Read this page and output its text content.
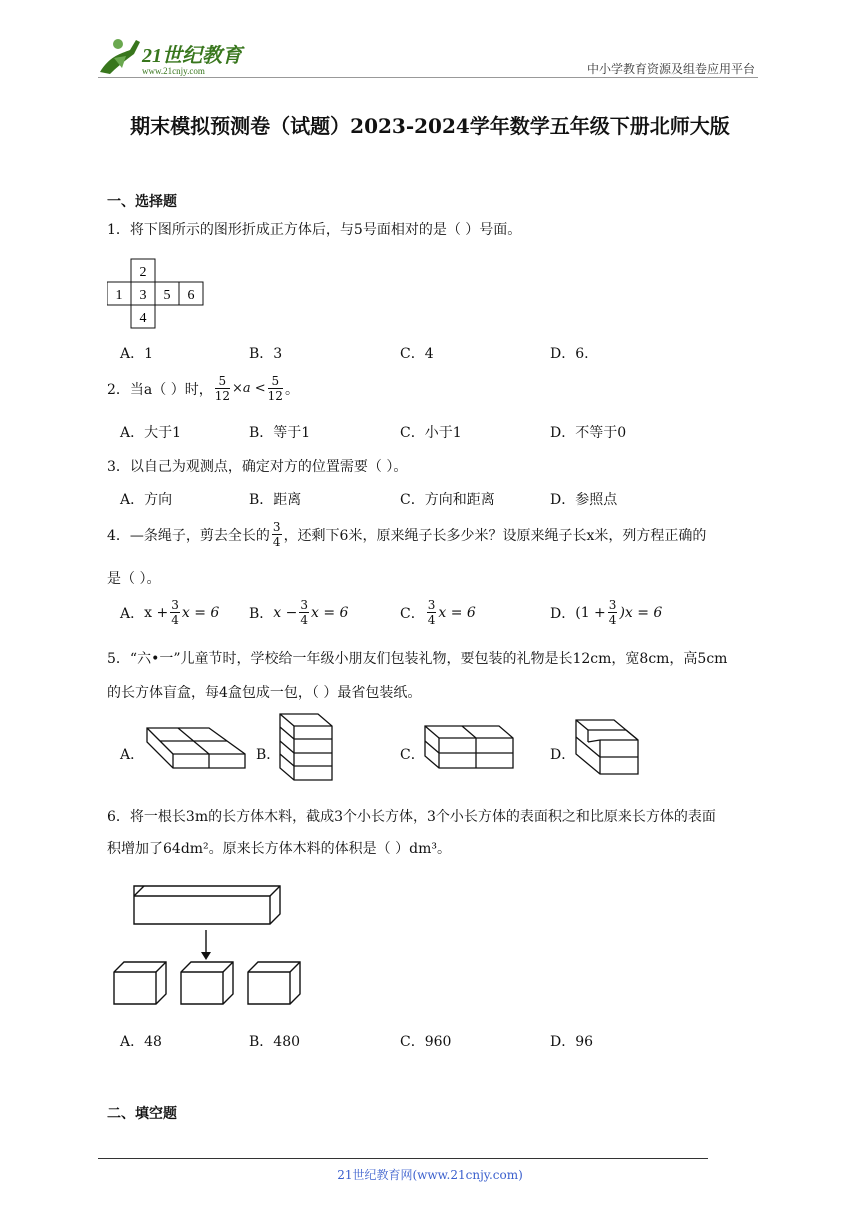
21世纪教育
www.21cnjy.com	中小学教育资源及组卷应用平台
期末模拟预测卷（试题）2023-2024学年数学五年级下册北师大版
一、选择题
1．将下图所示的图形折成正方体后，与5号面相对的是（ ）号面。
1
2
3
4
5 6
A．1	B．3	C．4	D．6.
2．当a（ ）时， $\frac{5}{12} \times a < \frac{5}{12}$ 。
A．大于1	B．等于1	C．小于1	D．不等于0
3．以自己为观测点，确定对方的位置需要（ ）。
A．方向	B．距离	C．方向和距离	D．参照点
4．—条绳子，剪去全长的 $\frac{3}{4}$ ，还剩下6米，原来绳子长多少米？设原来绳子长x米，列方程正确的
是（ ）。
A． $x + \frac{3}{4}$ x = 6 B． $x - \frac{3}{4}$ x = 6	C． $\frac{3}{4}$ x = 6	D． $(1 + \frac{3}{4} )x = 6$
5．“六•一”儿童节时，学校给一年级小朋友们包装礼物，要包装的礼物是长12cm，宽8cm，高5cm
的长方体盲盒，每4盒包成一包，（ ）最省包装纸。
A．	B．	C．	D．
6．将一根长3m的长方体木料，截成3个小长方体，3个小长方体的表面积之和比原来长方体的表面
积增加了64dm²。原来长方体木料的体积是（ ）dm³。
A．48	B．480	C．960	D．96
二、填空题
21世纪教育网(www.21cnjy.com)
